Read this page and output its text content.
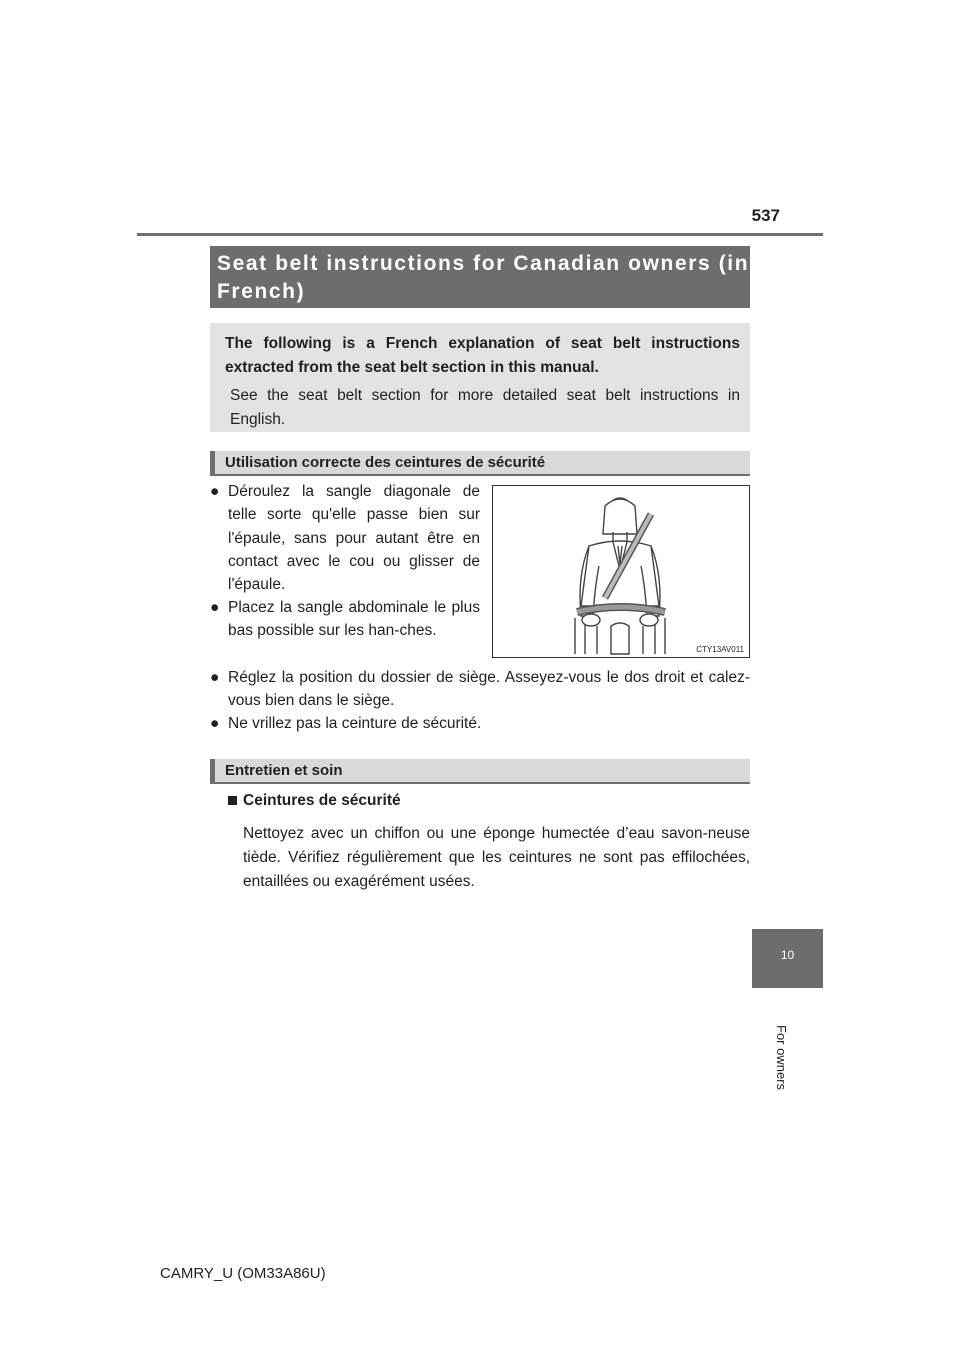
537
Seat belt instructions for Canadian owners (in French)
The following is a French explanation of seat belt instructions extracted from the seat belt section in this manual.
See the seat belt section for more detailed seat belt instructions in English.
Utilisation correcte des ceintures de sécurité
● Déroulez la sangle diagonale de telle sorte qu'elle passe bien sur l'épaule, sans pour autant être en contact avec le cou ou glisser de l'épaule.
● Placez la sangle abdominale le plus bas possible sur les han-ches.
CTY13AV011
● Réglez la position du dossier de siège. Asseyez-vous le dos droit et calez-vous bien dans le siège.
● Ne vrillez pas la ceinture de sécurité.
Entretien et soin
Ceintures de sécurité
Nettoyez avec un chiffon ou une éponge humectée d’eau savon-neuse tiède. Vérifiez régulièrement que les ceintures ne sont pas effilochées, entaillées ou exagérément usées.
10
For owners
CAMRY_U (OM33A86U)
